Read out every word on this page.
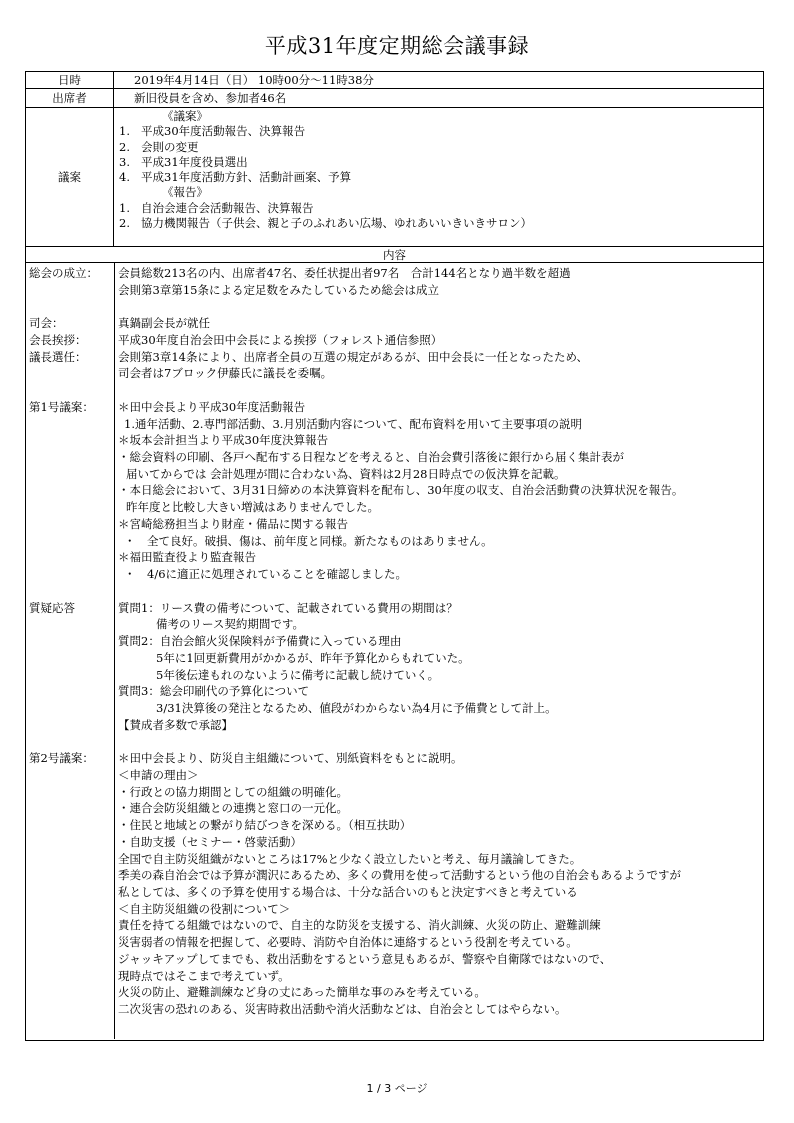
平成31年度定期総会議事録
日時	2019年4月14日（日） 10時00分～11時38分
出席者	新旧役員を含め、参加者46名
議案
《議案》
1. 平成30年度活動報告、決算報告
2. 会則の変更
3. 平成31年度役員選出
4. 平成31年度活動方針、活動計画案、予算
《報告》
1. 自治会連合会活動報告、決算報告
2. 協力機関報告（子供会、親と子のふれあい広場、ゆれあいいきいきサロン）
内容
総会の成立： 会員総数213名の内、出席者47名、委任状提出者97名　合計144名となり過半数を超過
会則第3章第15条による定足数をみたしているため総会は成立
司会：	真鍋副会長が就任
会長挨拶：	平成30年度自治会田中会長による挨拶（フォレスト通信参照）
議長選任：	会則第3章14条により、出席者全員の互選の規定があるが、田中会長に一任となったため、
司会者は7ブロック伊藤氏に議長を委嘱。
第1号議案： ＊田中会長より平成30年度活動報告
1.通年活動、2.専門部活動、3.月別活動内容について、配布資料を用いて主要事項の説明
＊坂本会計担当より平成30年度決算報告
・総会資料の印刷、各戸へ配布する日程などを考えると、自治会費引落後に銀行から届く集計表が
届いてからでは 会計処理が間に合わない為、資料は2月28日時点での仮決算を記載。
・本日総会において、3月31日締めの本決算資料を配布し、30年度の収支、自治会活動費の決算状況を報告。
昨年度と比較し大きい増減はありませんでした。
＊宮崎総務担当より財産・備品に関する報告
・　全て良好。破損、傷は、前年度と同様。新たなものはありません。
＊福田監査役より監査報告
・　4/6に適正に処理されていることを確認しました。
質疑応答	質問1：リース費の備考について、記載されている費用の期間は？
備考のリース契約期間です。
質問2：自治会館火災保険料が予備費に入っている理由
5年に1回更新費用がかかるが、昨年予算化からもれていた。
5年後伝達もれのないように備考に記載し続けていく。
質問3：総会印刷代の予算化について
3/31決算後の発注となるため、値段がわからない為4月に予備費として計上。
【賛成者多数で承認】
第2号議案： ＊田中会長より、防災自主組織について、別紙資料をもとに説明。
＜申請の理由＞
・行政との協力期間としての組織の明確化。
・連合会防災組織との連携と窓口の一元化。
・住民と地域との繋がり結びつきを深める。（相互扶助）
・自助支援（セミナー・啓蒙活動）
全国で自主防災組織がないところは17%と少なく設立したいと考え、毎月議論してきた。
季美の森自治会では予算が潤沢にあるため、多くの費用を使って活動するという他の自治会もあるようですが
私としては、多くの予算を使用する場合は、十分な話合いのもと決定すべきと考えている
＜自主防災組織の役割について＞
責任を持てる組織ではないので、自主的な防災を支援する、消火訓練、火災の防止、避難訓練
災害弱者の情報を把握して、必要時、消防や自治体に連絡するという役割を考えている。
ジャッキアップしてまでも、救出活動をするという意見もあるが、警察や自衛隊ではないので、
現時点ではそこまで考えていず。
火災の防止、避難訓練など身の丈にあった簡単な事のみを考えている。
二次災害の恐れのある、災害時救出活動や消火活動などは、自治会としてはやらない。
1 / 3 ページ
